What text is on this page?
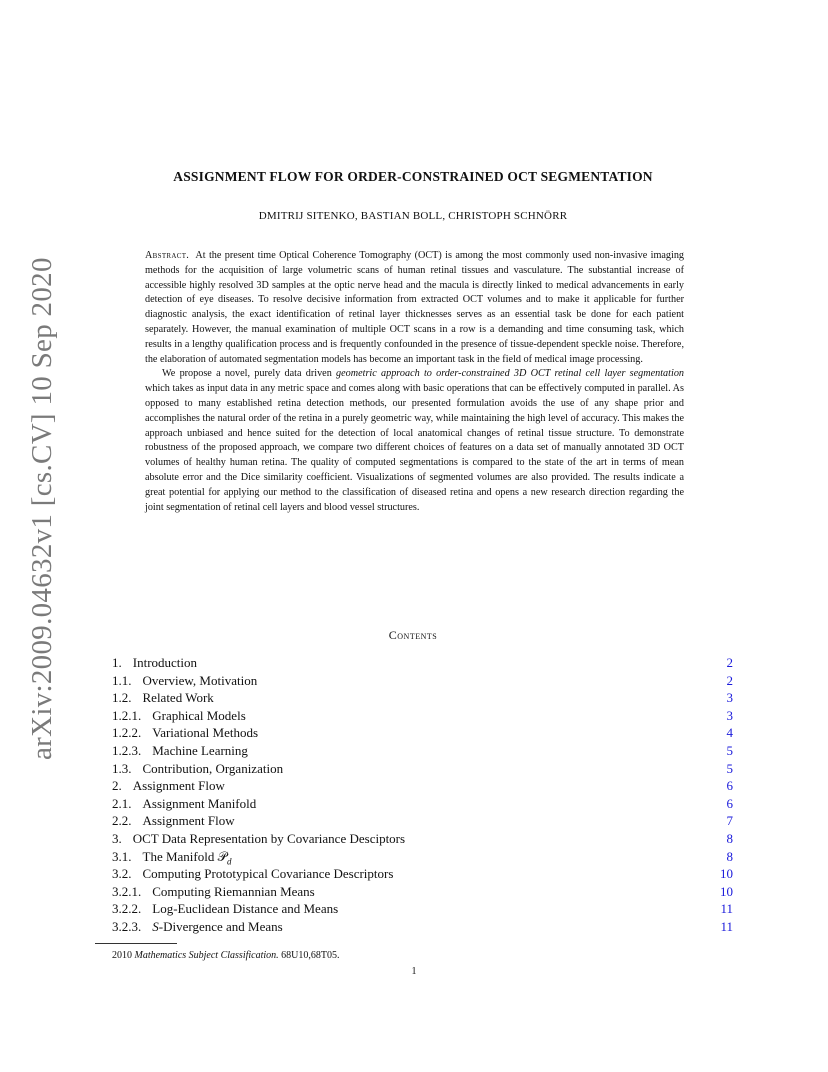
arXiv:2009.04632v1 [cs.CV] 10 Sep 2020
ASSIGNMENT FLOW FOR ORDER-CONSTRAINED OCT SEGMENTATION
DMITRIJ SITENKO, BASTIAN BOLL, CHRISTOPH SCHNÖRR

Abstract. At the present time Optical Coherence Tomography (OCT) is among the most commonly used non-invasive imaging methods for the acquisition of large volumetric scans of human retinal tissues and vasculature. The substantial increase of accessible highly resolved 3D samples at the optic nerve head and the macula is directly linked to medical advancements in early detection of eye diseases. To resolve decisive information from extracted OCT volumes and to make it applicable for further diagnostic analysis, the exact identification of retinal layer thicknesses serves as an essential task be done for each patient separately. However, the manual examination of multiple OCT scans in a row is a demanding and time consuming task, which results in a lengthy qualification process and is frequently confounded in the presence of tissue-dependent speckle noise. Therefore, the elaboration of automated segmentation models has become an important task in the field of medical image processing.

We propose a novel, purely data driven geometric approach to order-constrained 3D OCT retinal cell layer segmentation which takes as input data in any metric space and comes along with basic operations that can be effectively computed in parallel. As opposed to many established retina detection methods, our presented formulation avoids the use of any shape prior and accomplishes the natural order of the retina in a purely geometric way, while maintaining the high level of accuracy. This makes the approach unbiased and hence suited for the detection of local anatomical changes of retinal tissue structure. To demonstrate robustness of the proposed approach, we compare two different choices of features on a data set of manually annotated 3D OCT volumes of healthy human retina. The quality of computed segmentations is compared to the state of the art in terms of mean absolute error and the Dice similarity coefficient. Visualizations of segmented volumes are also provided. The results indicate a great potential for applying our method to the classification of diseased retina and opens a new research direction regarding the joint segmentation of retinal cell layers and blood vessel structures.

Contents
1. Introduction	2
1.1. Overview, Motivation	2
1.2. Related Work	3
1.2.1. Graphical Models	3
1.2.2. Variational Methods	4
1.2.3. Machine Learning	5
1.3. Contribution, Organization	5
2. Assignment Flow	6
2.1. Assignment Manifold	6
2.2. Assignment Flow	7
3. OCT Data Representation by Covariance Desciptors	8
3.1. The Manifold 𝒫$_d$	8
3.2. Computing Prototypical Covariance Descriptors	10
3.2.1. Computing Riemannian Means	10
3.2.2. Log-Euclidean Distance and Means	11
3.2.3. S-Divergence and Means	11
2010 Mathematics Subject Classification. 68U10,68T05.
1
